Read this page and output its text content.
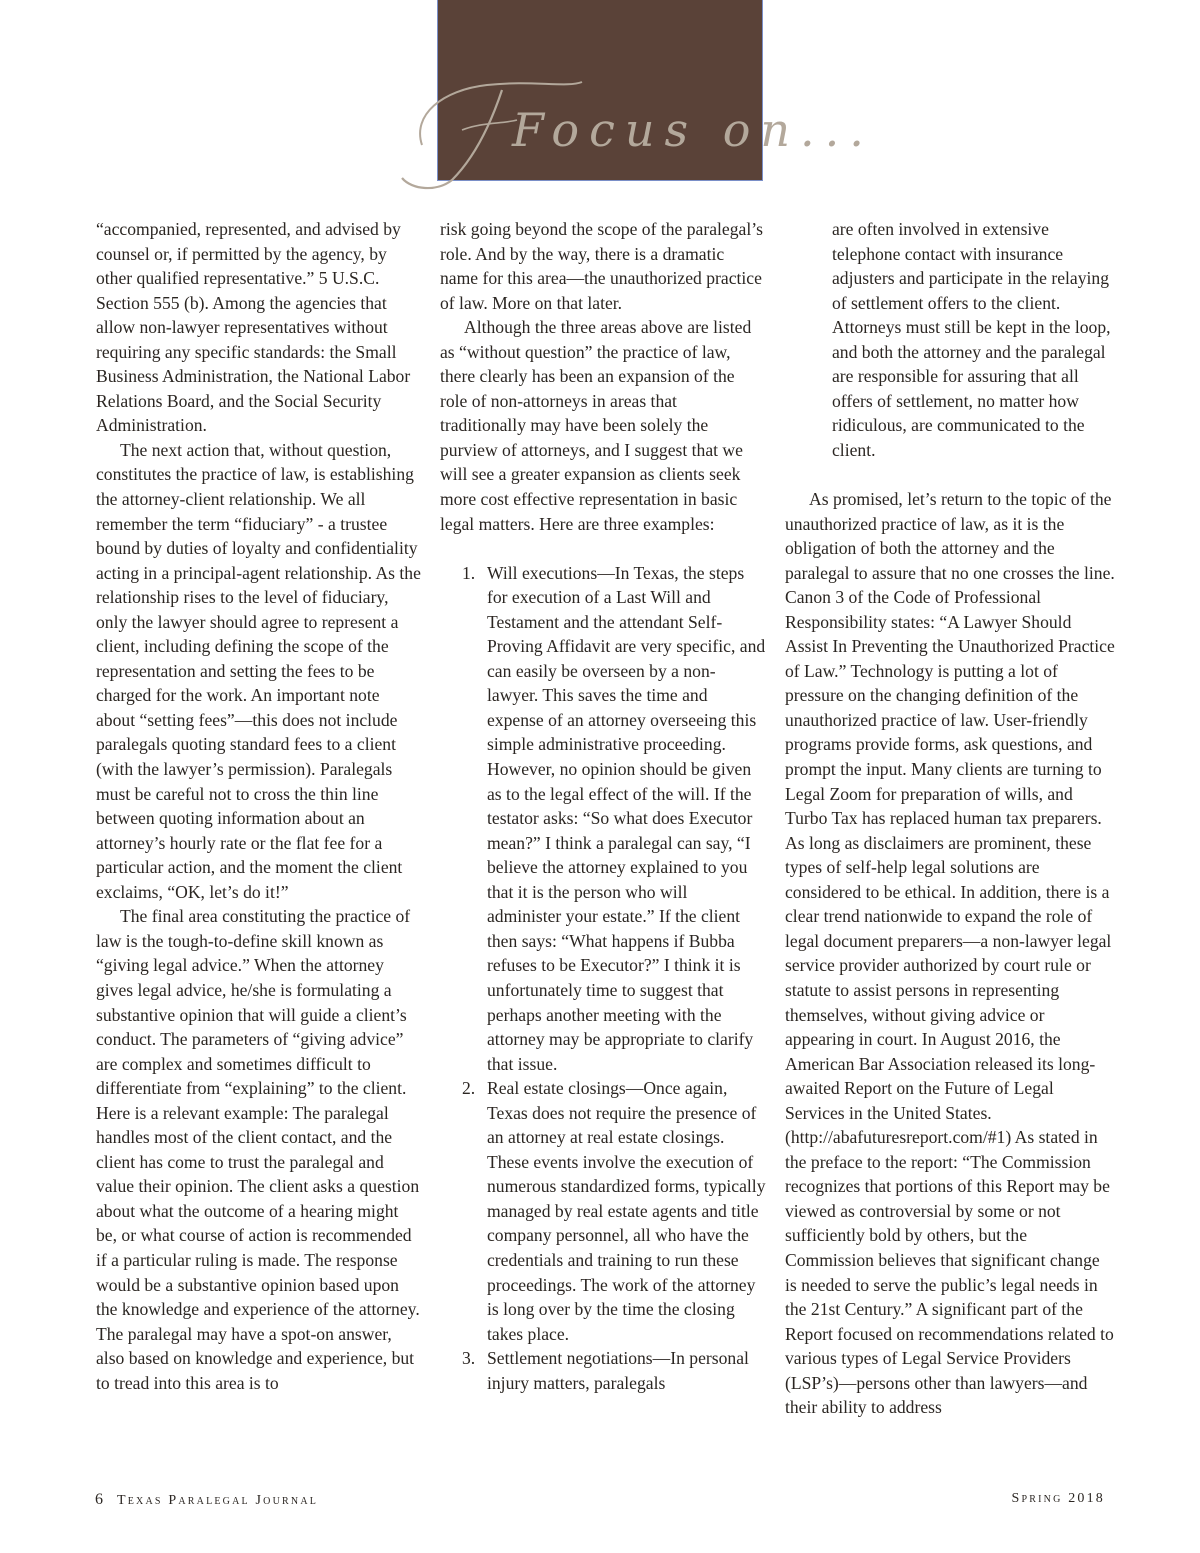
Focus on...

“accompanied, represented, and advised by counsel or, if permitted by the agency, by other qualified representative.” 5 U.S.C. Section 555 (b). Among the agencies that allow non-lawyer representatives without requiring any specific standards: the Small Business Administration, the National Labor Relations Board, and the Social Security Administration.

The next action that, without question, constitutes the practice of law, is establishing the attorney-client relationship. We all remember the term “fiduciary” - a trustee bound by duties of loyalty and confidentiality acting in a principal-agent relationship. As the relationship rises to the level of fiduciary, only the lawyer should agree to represent a client, including defining the scope of the representation and setting the fees to be charged for the work. An important note about “setting fees”—this does not include paralegals quoting standard fees to a client (with the lawyer’s permission). Paralegals must be careful not to cross the thin line between quoting information about an attorney’s hourly rate or the flat fee for a particular action, and the moment the client exclaims, “OK, let’s do it!”

The final area constituting the practice of law is the tough-to-define skill known as “giving legal advice.” When the attorney gives legal advice, he/she is formulating a substantive opinion that will guide a client’s conduct. The parameters of “giving advice” are complex and sometimes difficult to differentiate from “explaining” to the client. Here is a relevant example: The paralegal handles most of the client contact, and the client has come to trust the paralegal and value their opinion. The client asks a question about what the outcome of a hearing might be, or what course of action is recommended if a particular ruling is made. The response would be a substantive opinion based upon the knowledge and experience of the attorney. The paralegal may have a spot-on answer, also based on knowledge and experience, but to tread into this area is to

risk going beyond the scope of the paralegal’s role. And by the way, there is a dramatic name for this area—the unauthorized practice of law. More on that later.

Although the three areas above are listed as “without question” the practice of law, there clearly has been an expansion of the role of non-attorneys in areas that traditionally may have been solely the purview of attorneys, and I suggest that we will see a greater expansion as clients seek more cost effective representation in basic legal matters. Here are three examples:

1. Will executions—In Texas, the steps for execution of a Last Will and Testament and the attendant Self-Proving Affidavit are very specific, and can easily be overseen by a non-lawyer. This saves the time and expense of an attorney overseeing this simple administrative proceeding. However, no opinion should be given as to the legal effect of the will. If the testator asks: “So what does Executor mean?” I think a paralegal can say, “I believe the attorney explained to you that it is the person who will administer your estate.” If the client then says: “What happens if Bubba refuses to be Executor?” I think it is unfortunately time to suggest that perhaps another meeting with the attorney may be appropriate to clarify that issue.
2. Real estate closings—Once again, Texas does not require the presence of an attorney at real estate closings. These events involve the execution of numerous standardized forms, typically managed by real estate agents and title company personnel, all who have the credentials and training to run these proceedings. The work of the attorney is long over by the time the closing takes place.
3. Settlement negotiations—In personal injury matters, paralegals

are often involved in extensive telephone contact with insurance adjusters and participate in the relaying of settlement offers to the client. Attorneys must still be kept in the loop, and both the attorney and the paralegal are responsible for assuring that all offers of settlement, no matter how ridiculous, are communicated to the client.

As promised, let’s return to the topic of the unauthorized practice of law, as it is the obligation of both the attorney and the paralegal to assure that no one crosses the line. Canon 3 of the Code of Professional Responsibility states: “A Lawyer Should Assist In Preventing the Unauthorized Practice of Law.” Technology is putting a lot of pressure on the changing definition of the unauthorized practice of law. User-friendly programs provide forms, ask questions, and prompt the input. Many clients are turning to Legal Zoom for preparation of wills, and Turbo Tax has replaced human tax preparers. As long as disclaimers are prominent, these types of self-help legal solutions are considered to be ethical. In addition, there is a clear trend nationwide to expand the role of legal document preparers—a non-lawyer legal service provider authorized by court rule or statute to assist persons in representing themselves, without giving advice or appearing in court. In August 2016, the American Bar Association released its long-awaited Report on the Future of Legal Services in the United States. (http://abafuturesreport.com/#1) As stated in the preface to the report: “The Commission recognizes that portions of this Report may be viewed as controversial by some or not sufficiently bold by others, but the Commission believes that significant change is needed to serve the public’s legal needs in the 21st Century.” A significant part of the Report focused on recommendations related to various types of Legal Service Providers (LSP’s)—persons other than lawyers—and their ability to address

6 Texas Paralegal Journal	Spring 2018
